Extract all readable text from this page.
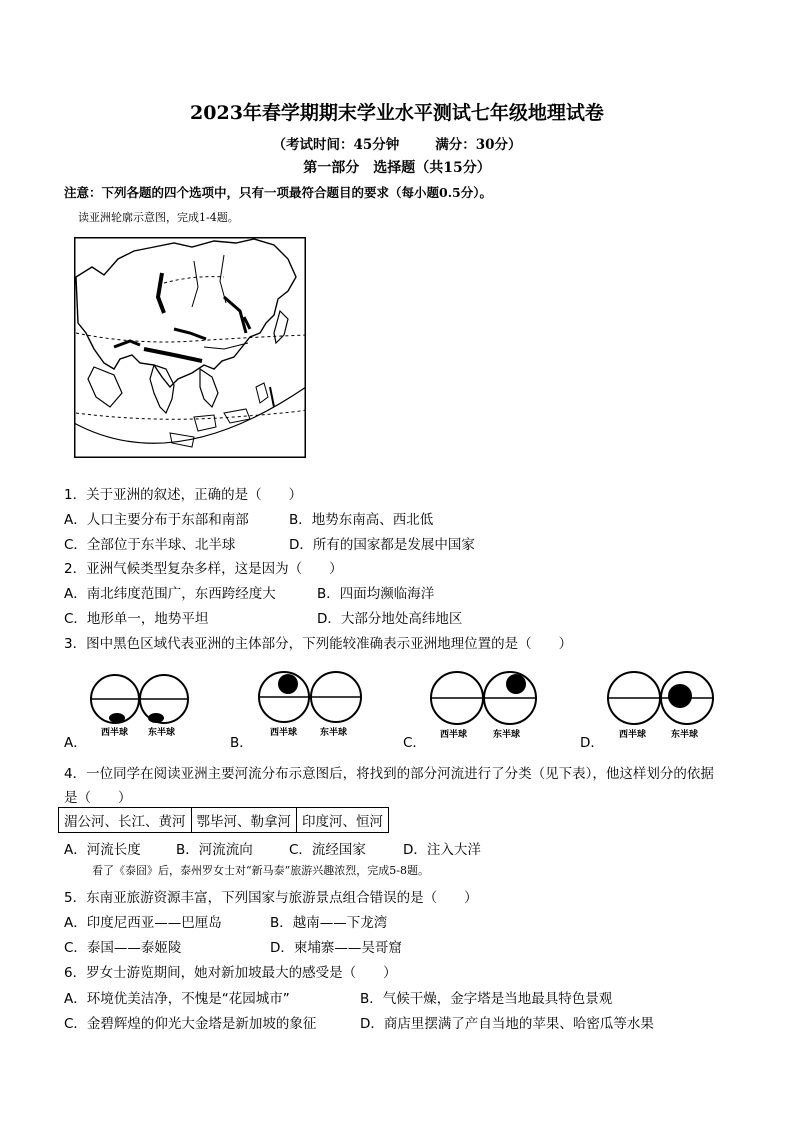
2023年春学期期末学业水平测试七年级地理试卷
（考试时间：45分钟	满分：30分）
第一部分　选择题（共15分）
注意：下列各题的四个选项中，只有一项最符合题目的要求（每小题0.5分）。
读亚洲轮廓示意图，完成1-4题。
1．关于亚洲的叙述，正确的是（　　）
A．人口主要分布于东部和南部	B．地势东南高、西北低
C．全部位于东半球、北半球	D．所有的国家都是发展中国家
2．亚洲气候类型复杂多样，这是因为（　　）
A．南北纬度范围广，东西跨经度大	B．四面均濒临海洋
C．地形单一，地势平坦	D．大部分地处高纬地区
3．图中黑色区域代表亚洲的主体部分，下列能较准确表示亚洲地理位置的是（　　）
A．
西半球 东半球
B．
西半球	东半球
C． 西半球	东半球	D． 西半球	东半球
4．一位同学在阅读亚洲主要河流分布示意图后，将找到的部分河流进行了分类（见下表），他这样划分的依据
是（　　）
湄公河、长江、黄河	鄂毕河、勒拿河	印度河、恒河
A．河流长度	B．河流流向	C．流经国家	D．注入大洋
看了《泰囧》后，泰州罗女士对“新马泰”旅游兴趣浓烈，完成5-8题。
5．东南亚旅游资源丰富，下列国家与旅游景点组合错误的是（　　）
A．印度尼西亚——巴厘岛	B．越南——下龙湾
C．泰国——泰姬陵	D．柬埔寨——吴哥窟
6．罗女士游览期间，她对新加坡最大的感受是（　　）
A．环境优美洁净，不愧是“花园城市”	B．气候干燥，金字塔是当地最具特色景观
C．金碧辉煌的仰光大金塔是新加坡的象征	D．商店里摆满了产自当地的苹果、哈密瓜等水果
